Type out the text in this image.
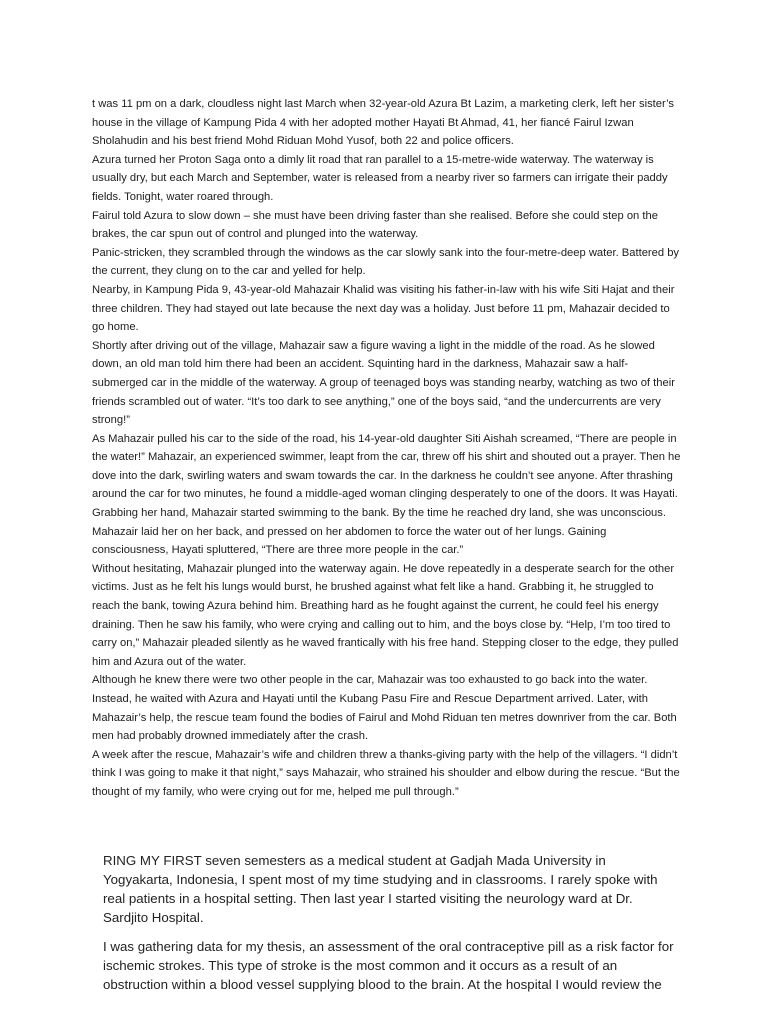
t was 11 pm on a dark, cloudless night last March when 32-year-old Azura Bt Lazim, a marketing clerk, left her sister’s house in the village of Kampung Pida 4 with her adopted mother Hayati Bt Ahmad, 41, her fiancé Fairul Izwan Sholahudin and his best friend Mohd Riduan Mohd Yusof, both 22 and police officers.

Azura turned her Proton Saga onto a dimly lit road that ran parallel to a 15-metre-wide waterway. The waterway is usually dry, but each March and September, water is released from a nearby river so farmers can irrigate their paddy fields. Tonight, water roared through.

Fairul told Azura to slow down – she must have been driving faster than she realised. Before she could step on the brakes, the car spun out of control and plunged into the waterway.

Panic-stricken, they scrambled through the windows as the car slowly sank into the four-metre-deep water. Battered by the current, they clung on to the car and yelled for help.

Nearby, in Kampung Pida 9, 43-year-old Mahazair Khalid was visiting his father-in-law with his wife Siti Hajat and their three children. They had stayed out late because the next day was a holiday. Just before 11 pm, Mahazair decided to go home.

Shortly after driving out of the village, Mahazair saw a figure waving a light in the middle of the road. As he slowed down, an old man told him there had been an accident. Squinting hard in the darkness, Mahazair saw a half-submerged car in the middle of the waterway. A group of teenaged boys was standing nearby, watching as two of their friends scrambled out of water. “It’s too dark to see anything,” one of the boys said, “and the undercurrents are very strong!”

As Mahazair pulled his car to the side of the road, his 14-year-old daughter Siti Aishah screamed, “There are people in the water!” Mahazair, an experienced swimmer, leapt from the car, threw off his shirt and shouted out a prayer. Then he dove into the dark, swirling waters and swam towards the car. In the darkness he couldn’t see anyone. After thrashing around the car for two minutes, he found a middle-aged woman clinging desperately to one of the doors. It was Hayati.

Grabbing her hand, Mahazair started swimming to the bank. By the time he reached dry land, she was unconscious. Mahazair laid her on her back, and pressed on her abdomen to force the water out of her lungs. Gaining consciousness, Hayati spluttered, “There are three more people in the car.”

Without hesitating, Mahazair plunged into the waterway again. He dove repeatedly in a desperate search for the other victims. Just as he felt his lungs would burst, he brushed against what felt like a hand. Grabbing it, he struggled to reach the bank, towing Azura behind him. Breathing hard as he fought against the current, he could feel his energy draining. Then he saw his family, who were crying and calling out to him, and the boys close by. “Help, I’m too tired to carry on,” Mahazair pleaded silently as he waved frantically with his free hand. Stepping closer to the edge, they pulled him and Azura out of the water.

Although he knew there were two other people in the car, Mahazair was too exhausted to go back into the water. Instead, he waited with Azura and Hayati until the Kubang Pasu Fire and Rescue Department arrived. Later, with Mahazair’s help, the rescue team found the bodies of Fairul and Mohd Riduan ten metres downriver from the car. Both men had probably drowned immediately after the crash.

A week after the rescue, Mahazair’s wife and children threw a thanks-giving party with the help of the villagers. “I didn’t think I was going to make it that night,” says Mahazair, who strained his shoulder and elbow during the rescue. “But the thought of my family, who were crying out for me, helped me pull through.”

RING MY FIRST seven semesters as a medical student at Gadjah Mada University in Yogyakarta, Indonesia, I spent most of my time studying and in classrooms. I rarely spoke with real patients in a hospital setting. Then last year I started visiting the neurology ward at Dr. Sardjito Hospital.

I was gathering data for my thesis, an assessment of the oral contraceptive pill as a risk factor for ischemic strokes. This type of stroke is the most common and it occurs as a result of an obstruction within a blood vessel supplying blood to the brain. At the hospital I would review the
